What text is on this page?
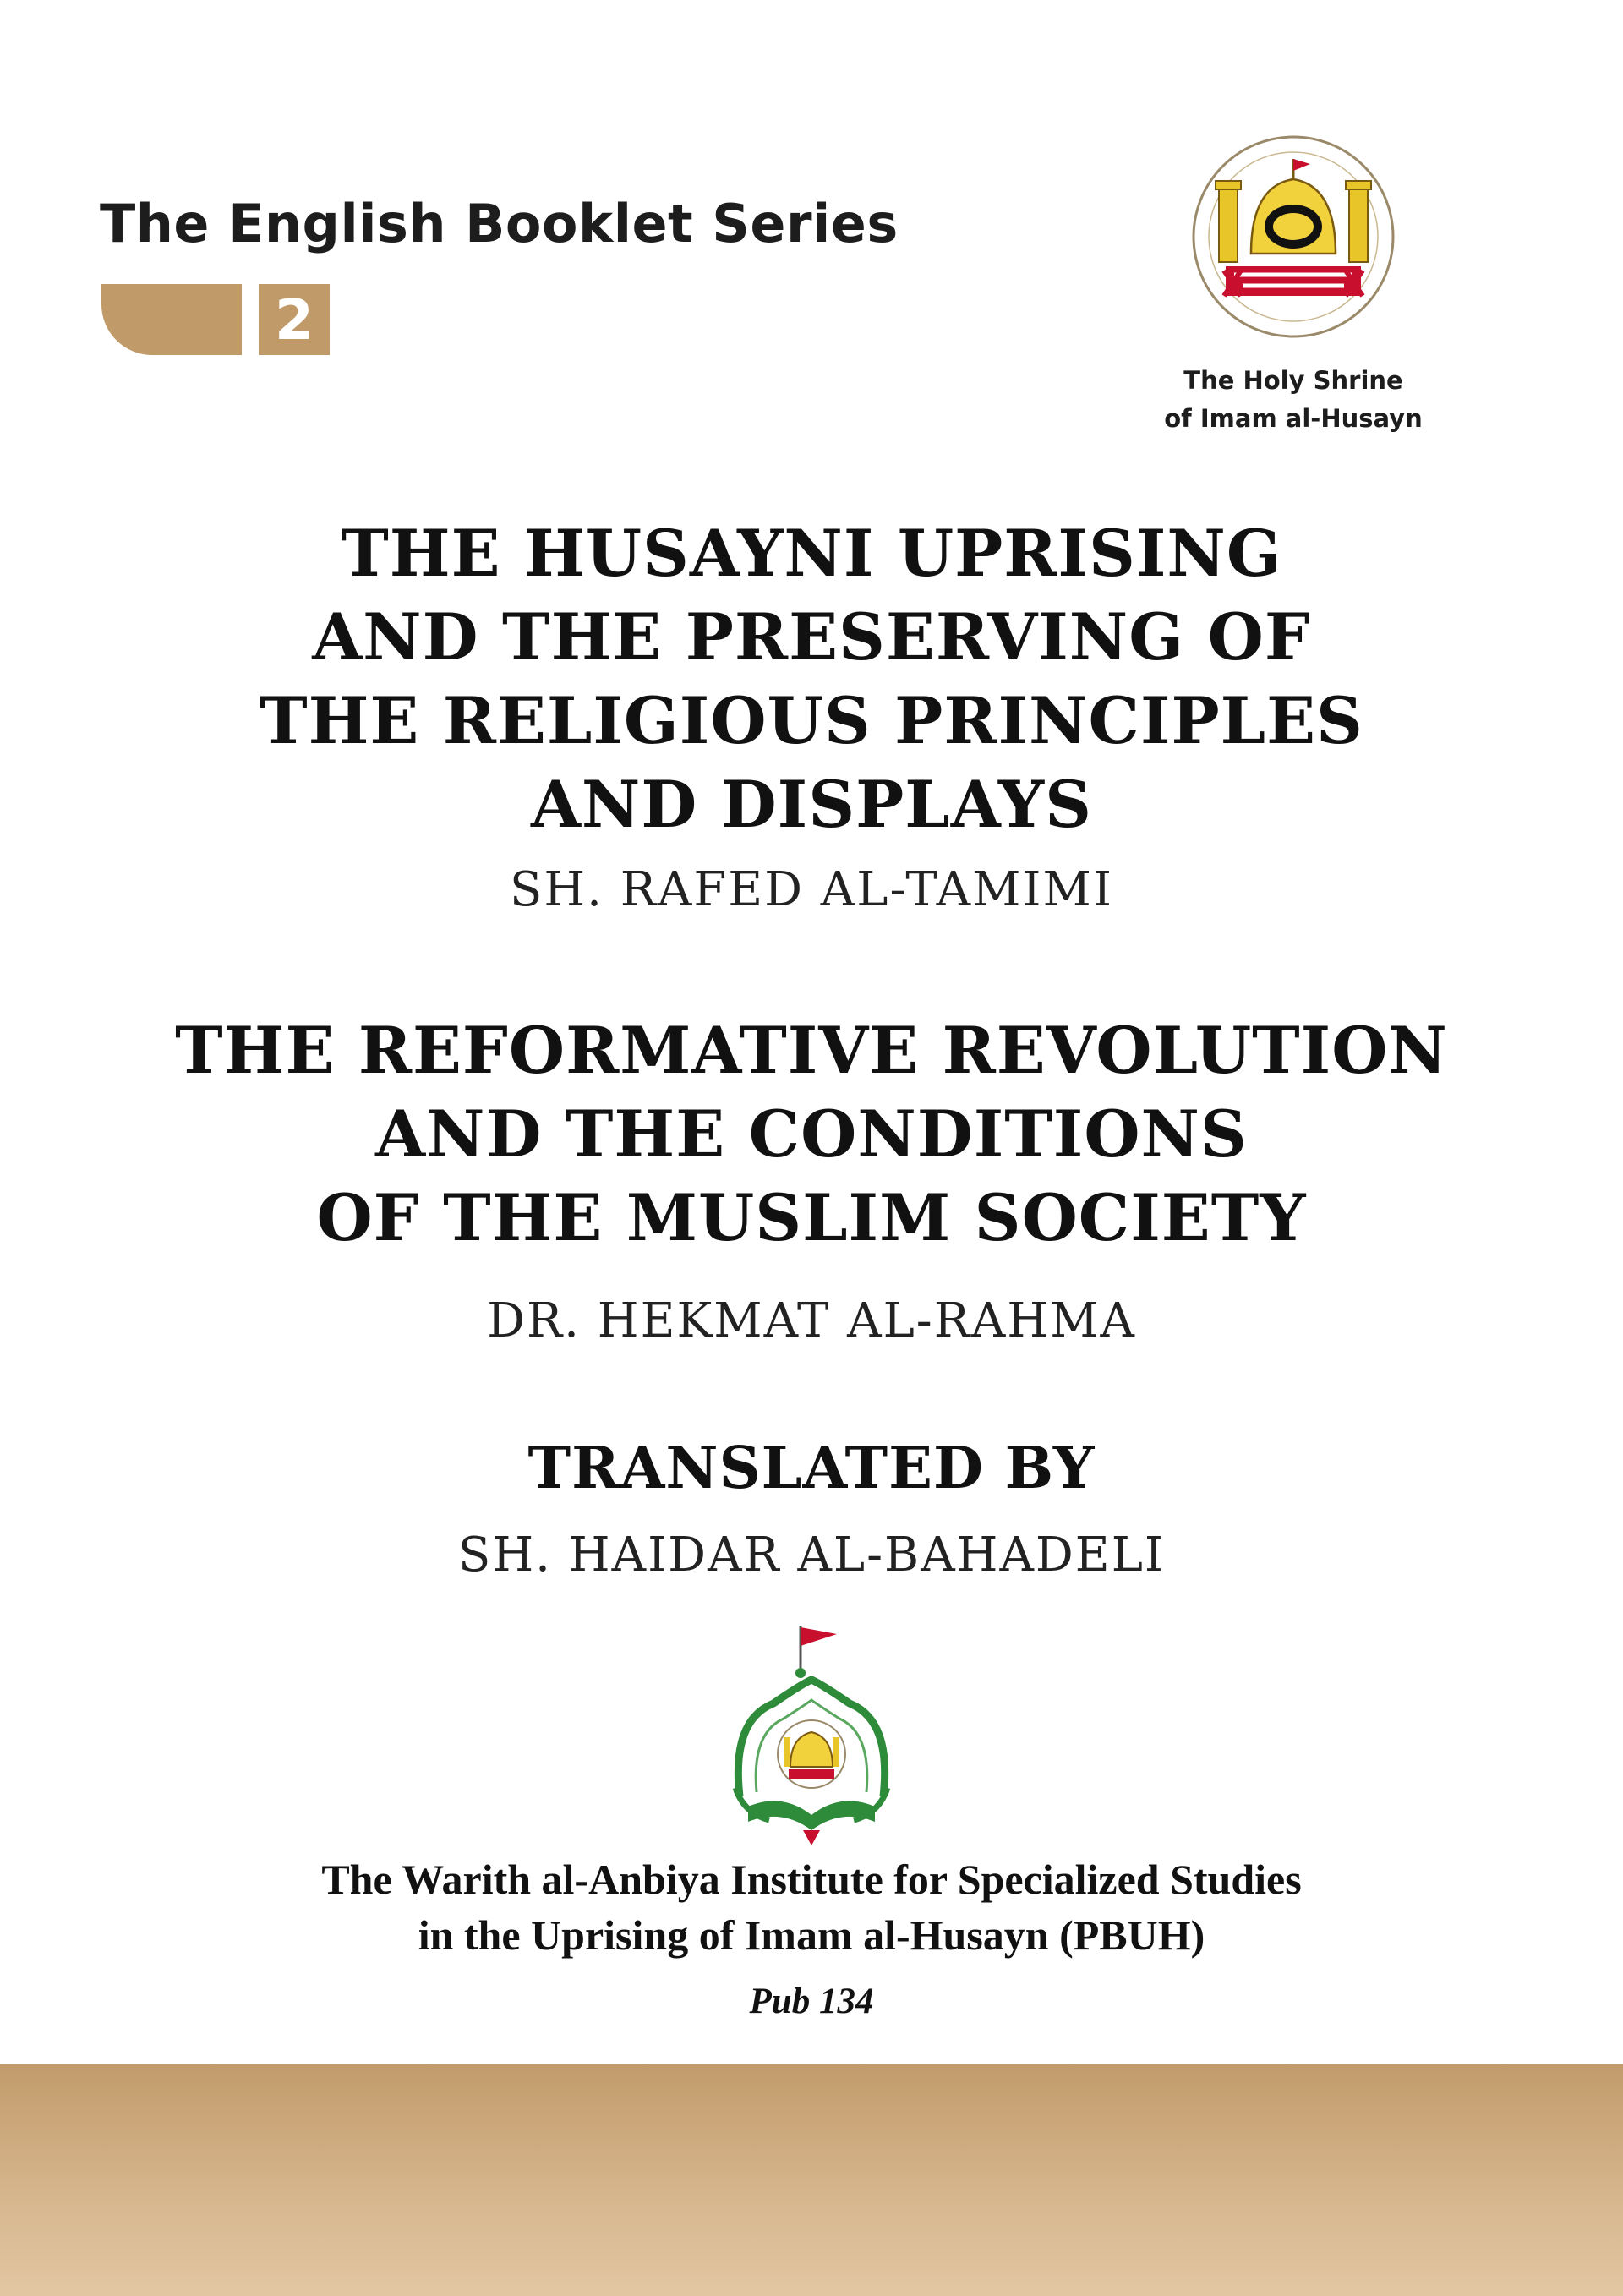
The English Booklet Series
2
The Holy Shrine
of Imam al-Husayn
THE HUSAYNI UPRISING
AND THE PRESERVING OF
THE RELIGIOUS PRINCIPLES
AND DISPLAYS
SH. RAFED AL-TAMIMI
THE REFORMATIVE REVOLUTION
AND THE CONDITIONS
OF THE MUSLIM SOCIETY
DR. HEKMAT AL-RAHMA
TRANSLATED BY
SH. HAIDAR AL-BAHADELI
The Warith al-Anbiya Institute for Specialized Studies
in the Uprising of Imam al-Husayn (PBUH)
Pub 134
